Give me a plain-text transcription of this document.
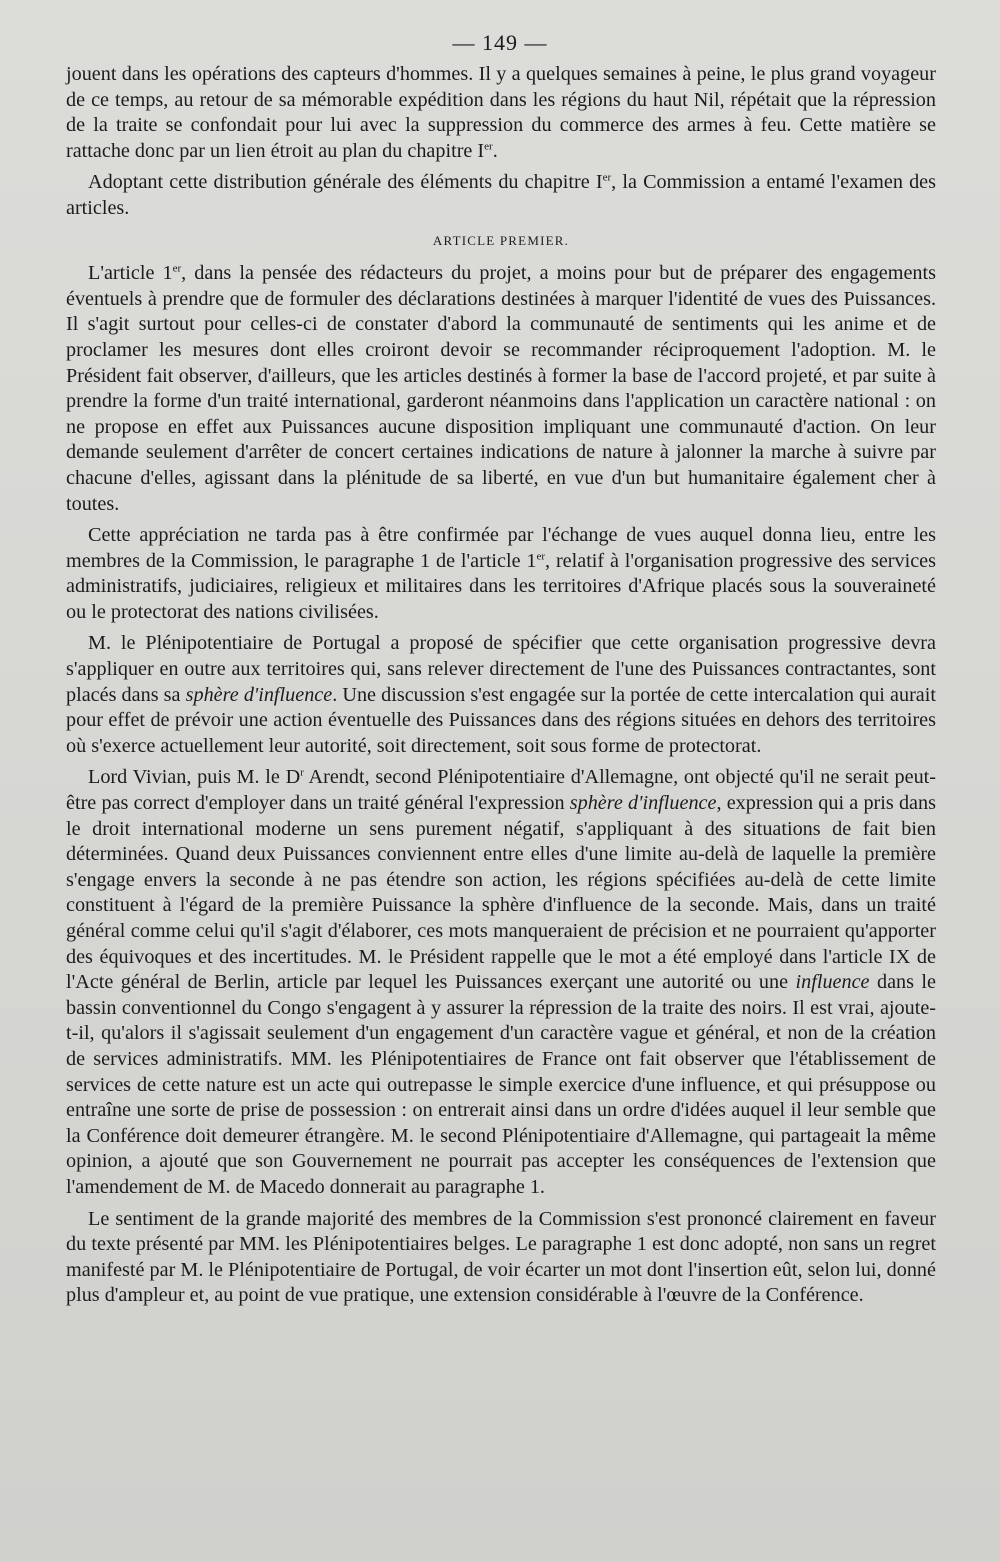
— 149 —

jouent dans les opérations des capteurs d'hommes. Il y a quelques semaines à peine, le plus grand voyageur de ce temps, au retour de sa mémorable expédition dans les régions du haut Nil, répétait que la répression de la traite se confondait pour lui avec la suppression du commerce des armes à feu. Cette matière se rattache donc par un lien étroit au plan du chapitre Ier.

Adoptant cette distribution générale des éléments du chapitre Ier, la Commission a entamé l'examen des articles.

ARTICLE PREMIER.

L'article 1er, dans la pensée des rédacteurs du projet, a moins pour but de préparer des engagements éventuels à prendre que de formuler des déclarations destinées à marquer l'identité de vues des Puissances. Il s'agit surtout pour celles-ci de constater d'abord la communauté de sentiments qui les anime et de proclamer les mesures dont elles croiront devoir se recommander réciproquement l'adoption. M. le Président fait observer, d'ailleurs, que les articles destinés à former la base de l'accord projeté, et par suite à prendre la forme d'un traité international, garderont néanmoins dans l'application un caractère national : on ne propose en effet aux Puissances aucune disposition impliquant une communauté d'action. On leur demande seulement d'arrêter de concert certaines indications de nature à jalonner la marche à suivre par chacune d'elles, agissant dans la plénitude de sa liberté, en vue d'un but humanitaire également cher à toutes.

Cette appréciation ne tarda pas à être confirmée par l'échange de vues auquel donna lieu, entre les membres de la Commission, le paragraphe 1 de l'article 1er, relatif à l'organisation progressive des services administratifs, judiciaires, religieux et militaires dans les territoires d'Afrique placés sous la souveraineté ou le protectorat des nations civilisées.

M. le Plénipotentiaire de Portugal a proposé de spécifier que cette organisation progressive devra s'appliquer en outre aux territoires qui, sans relever directement de l'une des Puissances contractantes, sont placés dans sa sphère d'influence. Une discussion s'est engagée sur la portée de cette intercalation qui aurait pour effet de prévoir une action éventuelle des Puissances dans des régions situées en dehors des territoires où s'exerce actuellement leur autorité, soit directement, soit sous forme de protectorat.

Lord Vivian, puis M. le $D^r$ Arendt, second Plénipotentiaire d'Allemagne, ont objecté qu'il ne serait peut-être pas correct d'employer dans un traité général l'expression sphère d'influence, expression qui a pris dans le droit international moderne un sens purement négatif, s'appliquant à des situations de fait bien déterminées. Quand deux Puissances conviennent entre elles d'une limite au-delà de laquelle la première s'engage envers la seconde à ne pas étendre son action, les régions spécifiées au-delà de cette limite constituent à l'égard de la première Puissance la sphère d'influence de la seconde. Mais, dans un traité général comme celui qu'il s'agit d'élaborer, ces mots manqueraient de précision et ne pourraient qu'apporter des équivoques et des incertitudes. M. le Président rappelle que le mot a été employé dans l'article IX de l'Acte général de Berlin, article par lequel les Puissances exerçant une autorité ou une influence dans le bassin conventionnel du Congo s'engagent à y assurer la répression de la traite des noirs. Il est vrai, ajoute-t-il, qu'alors il s'agissait seulement d'un engagement d'un caractère vague et général, et non de la création de services administratifs. MM. les Plénipotentiaires de France ont fait observer que l'établissement de services de cette nature est un acte qui outrepasse le simple exercice d'une influence, et qui présuppose ou entraîne une sorte de prise de possession : on entrerait ainsi dans un ordre d'idées auquel il leur semble que la Conférence doit demeurer étrangère. M. le second Plénipotentiaire d'Allemagne, qui partageait la même opinion, a ajouté que son Gouvernement ne pourrait pas accepter les conséquences de l'extension que l'amendement de M. de Macedo donnerait au paragraphe 1.

Le sentiment de la grande majorité des membres de la Commission s'est prononcé clairement en faveur du texte présenté par MM. les Plénipotentiaires belges. Le paragraphe 1 est donc adopté, non sans un regret manifesté par M. le Plénipotentiaire de Portugal, de voir écarter un mot dont l'insertion eût, selon lui, donné plus d'ampleur et, au point de vue pratique, une extension considérable à l'œuvre de la Conférence.
